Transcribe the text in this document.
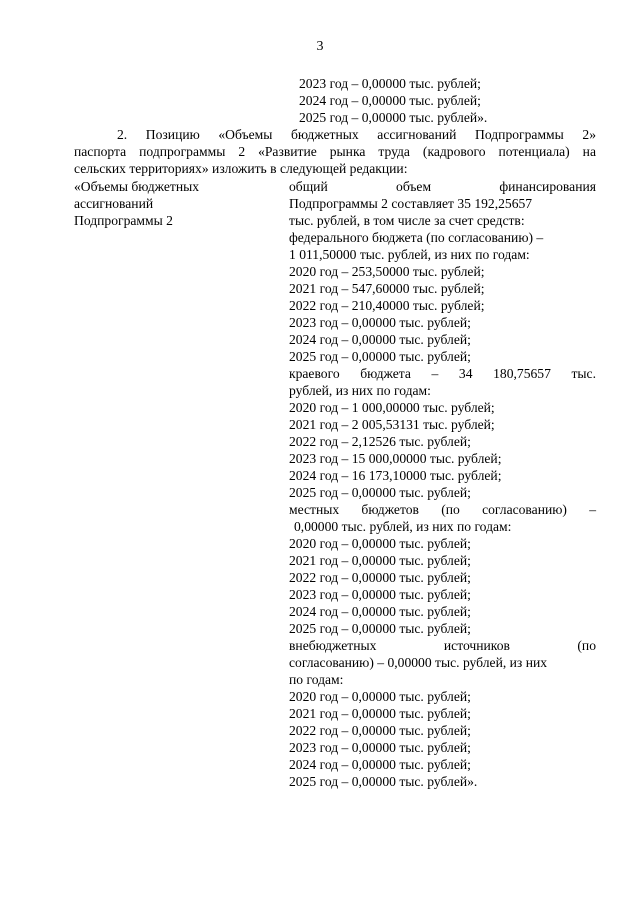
3
2023 год – 0,00000 тыс. рублей;
2024 год – 0,00000 тыс. рублей;
2025 год – 0,00000 тыс. рублей».
2. Позицию «Объемы бюджетных ассигнований Подпрограммы 2»
паспорта подпрограммы 2 «Развитие рынка труда (кадрового потенциала) на
сельских территориях» изложить в следующей редакции:
«Объемы бюджетных
ассигнований
Подпрограммы 2
общий объем финансирования
Подпрограммы 2 составляет 35 192,25657
тыс. рублей, в том числе за счет средств:
федерального бюджета (по согласованию) –
1 011,50000 тыс. рублей, из них по годам:
2020 год – 253,50000 тыс. рублей;
2021 год – 547,60000 тыс. рублей;
2022 год – 210,40000 тыс. рублей;
2023 год – 0,00000 тыс. рублей;
2024 год – 0,00000 тыс. рублей;
2025 год – 0,00000 тыс. рублей;
краевого бюджета – 34 180,75657 тыс.
рублей, из них по годам:
2020 год – 1 000,00000 тыс. рублей;
2021 год – 2 005,53131 тыс. рублей;
2022 год – 2,12526 тыс. рублей;
2023 год – 15 000,00000 тыс. рублей;
2024 год – 16 173,10000 тыс. рублей;
2025 год – 0,00000 тыс. рублей;
местных бюджетов (по согласованию) –
0,00000 тыс. рублей, из них по годам:
2020 год – 0,00000 тыс. рублей;
2021 год – 0,00000 тыс. рублей;
2022 год – 0,00000 тыс. рублей;
2023 год – 0,00000 тыс. рублей;
2024 год – 0,00000 тыс. рублей;
2025 год – 0,00000 тыс. рублей;
внебюджетных источников (по
согласованию) – 0,00000 тыс. рублей, из них
по годам:
2020 год – 0,00000 тыс. рублей;
2021 год – 0,00000 тыс. рублей;
2022 год – 0,00000 тыс. рублей;
2023 год – 0,00000 тыс. рублей;
2024 год – 0,00000 тыс. рублей;
2025 год – 0,00000 тыс. рублей».
